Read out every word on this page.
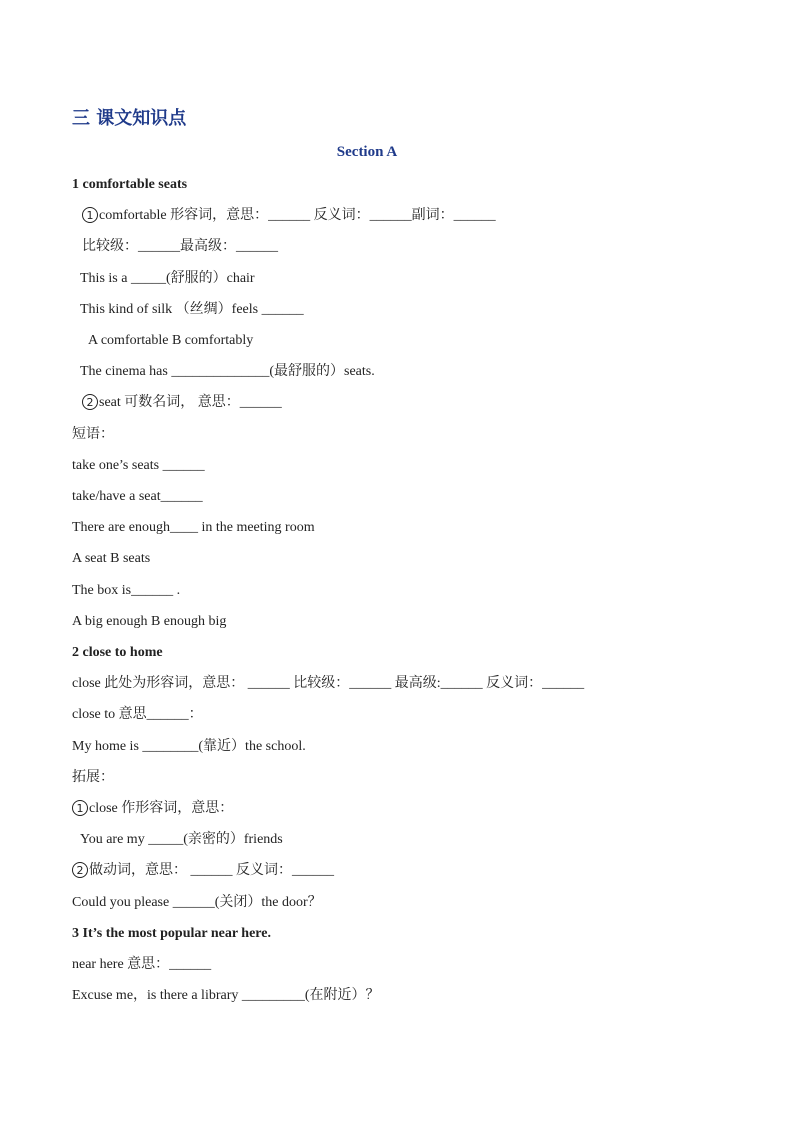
三 课文知识点
Section A
1 comfortable seats
1 comfortable 形容词，意思：______ 反义词：______副词：______
比较级：______最高级：______
This is a _____(舒服的）chair
This kind of silk （丝绸）feels ______
A comfortable B comfortably
The cinema has ______________(最舒服的）seats.
2 seat 可数名词， 意思：______
短语：
take one’s seats ______
take/have a seat______
There are enough____ in the meeting room
A seat B seats
The box is______ .
A big enough B enough big
2 close to home
close 此处为形容词，意思： ______ 比较级：______ 最高级:______ 反义词：______
close to 意思______：
My home is ________(靠近）the school.
拓展：
1 close 作形容词，意思：
You are my _____(亲密的）friends
2 做动词，意思： ______ 反义词：______
Could you please ______(关闭）the door？
3 It’s the most popular near here.
near here 意思：______
Excuse me，is there a library _________(在附近）？
